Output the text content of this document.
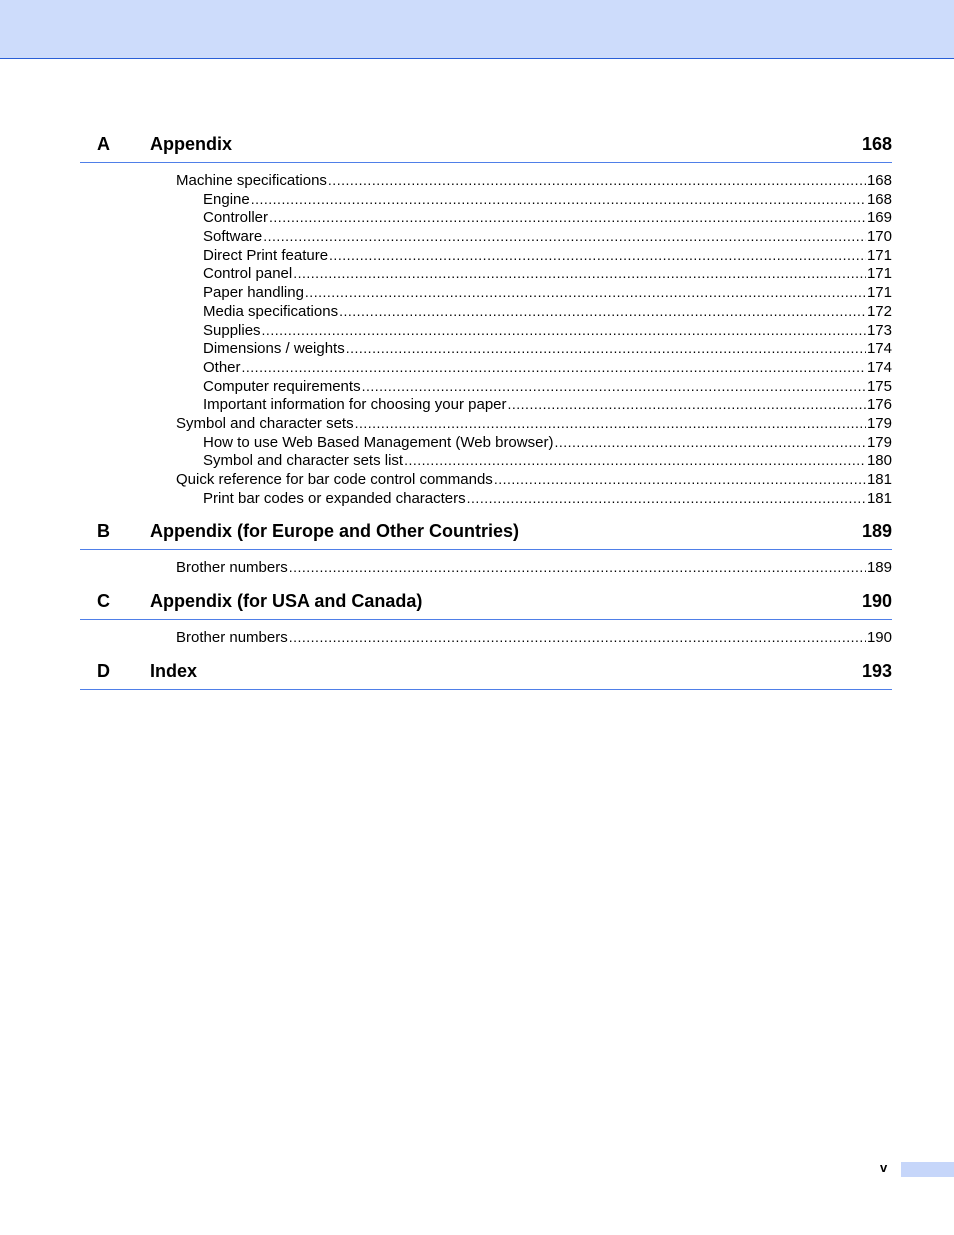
A	Appendix	168
Machine specifications .....	168
Engine .....	168
Controller .....	169
Software .....	170
Direct Print feature .....	171
Control panel .....	171
Paper handling .....	171
Media specifications .....	172
Supplies .....	173
Dimensions / weights .....	174
Other .....	174
Computer requirements .....	175
Important information for choosing your paper .....	176
Symbol and character sets .....	179
How to use Web Based Management (Web browser) .....	179
Symbol and character sets list .....	180
Quick reference for bar code control commands .....	181
Print bar codes or expanded characters .....	181
B	Appendix (for Europe and Other Countries)	189
Brother numbers .....	189
C	Appendix (for USA and Canada)	190
Brother numbers .....	190
D	Index	193
v
